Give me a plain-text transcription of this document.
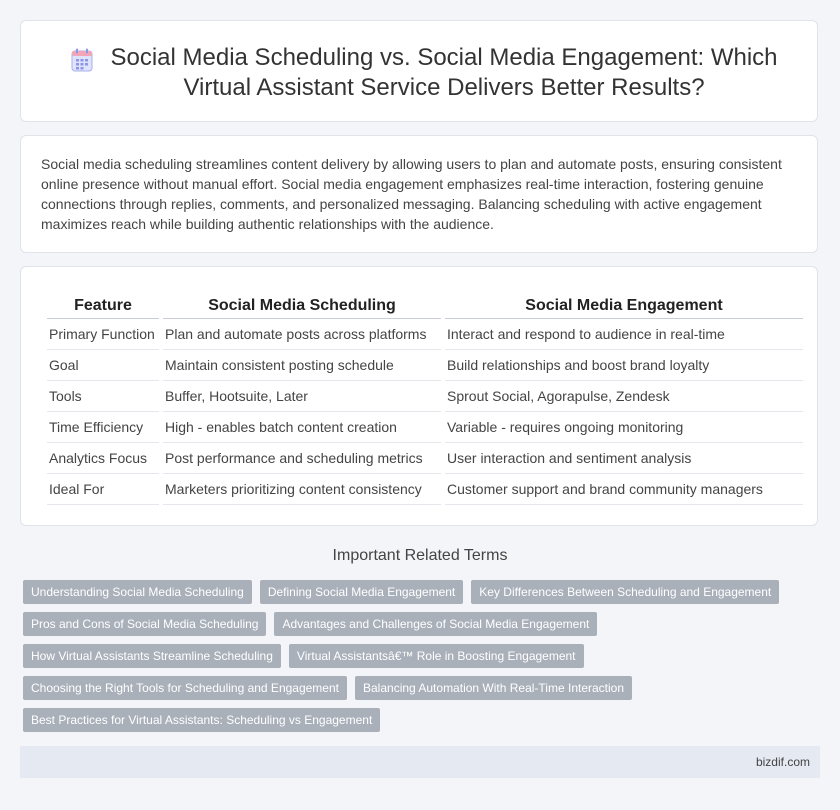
Social Media Scheduling vs. Social Media Engagement: Which Virtual Assistant Service Delivers Better Results?

Social media scheduling streamlines content delivery by allowing users to plan and automate posts, ensuring consistent online presence without manual effort. Social media engagement emphasizes real-time interaction, fostering genuine connections through replies, comments, and personalized messaging. Balancing scheduling with active engagement maximizes reach while building authentic relationships with the audience.

Feature	Social Media Scheduling	Social Media Engagement
Primary Function	Plan and automate posts across platforms	Interact and respond to audience in real-time
Goal	Maintain consistent posting schedule	Build relationships and boost brand loyalty
Tools	Buffer, Hootsuite, Later	Sprout Social, Agorapulse, Zendesk
Time Efficiency	High - enables batch content creation	Variable - requires ongoing monitoring
Analytics Focus	Post performance and scheduling metrics	User interaction and sentiment analysis
Ideal For	Marketers prioritizing content consistency	Customer support and brand community managers
Important Related Terms
Understanding Social Media Scheduling	Defining Social Media Engagement	Key Differences Between Scheduling and Engagement
Pros and Cons of Social Media Scheduling	Advantages and Challenges of Social Media Engagement
How Virtual Assistants Streamline Scheduling	Virtual Assistantsâ€™ Role in Boosting Engagement
Choosing the Right Tools for Scheduling and Engagement	Balancing Automation With Real-Time Interaction
Best Practices for Virtual Assistants: Scheduling vs Engagement
bizdif.com
